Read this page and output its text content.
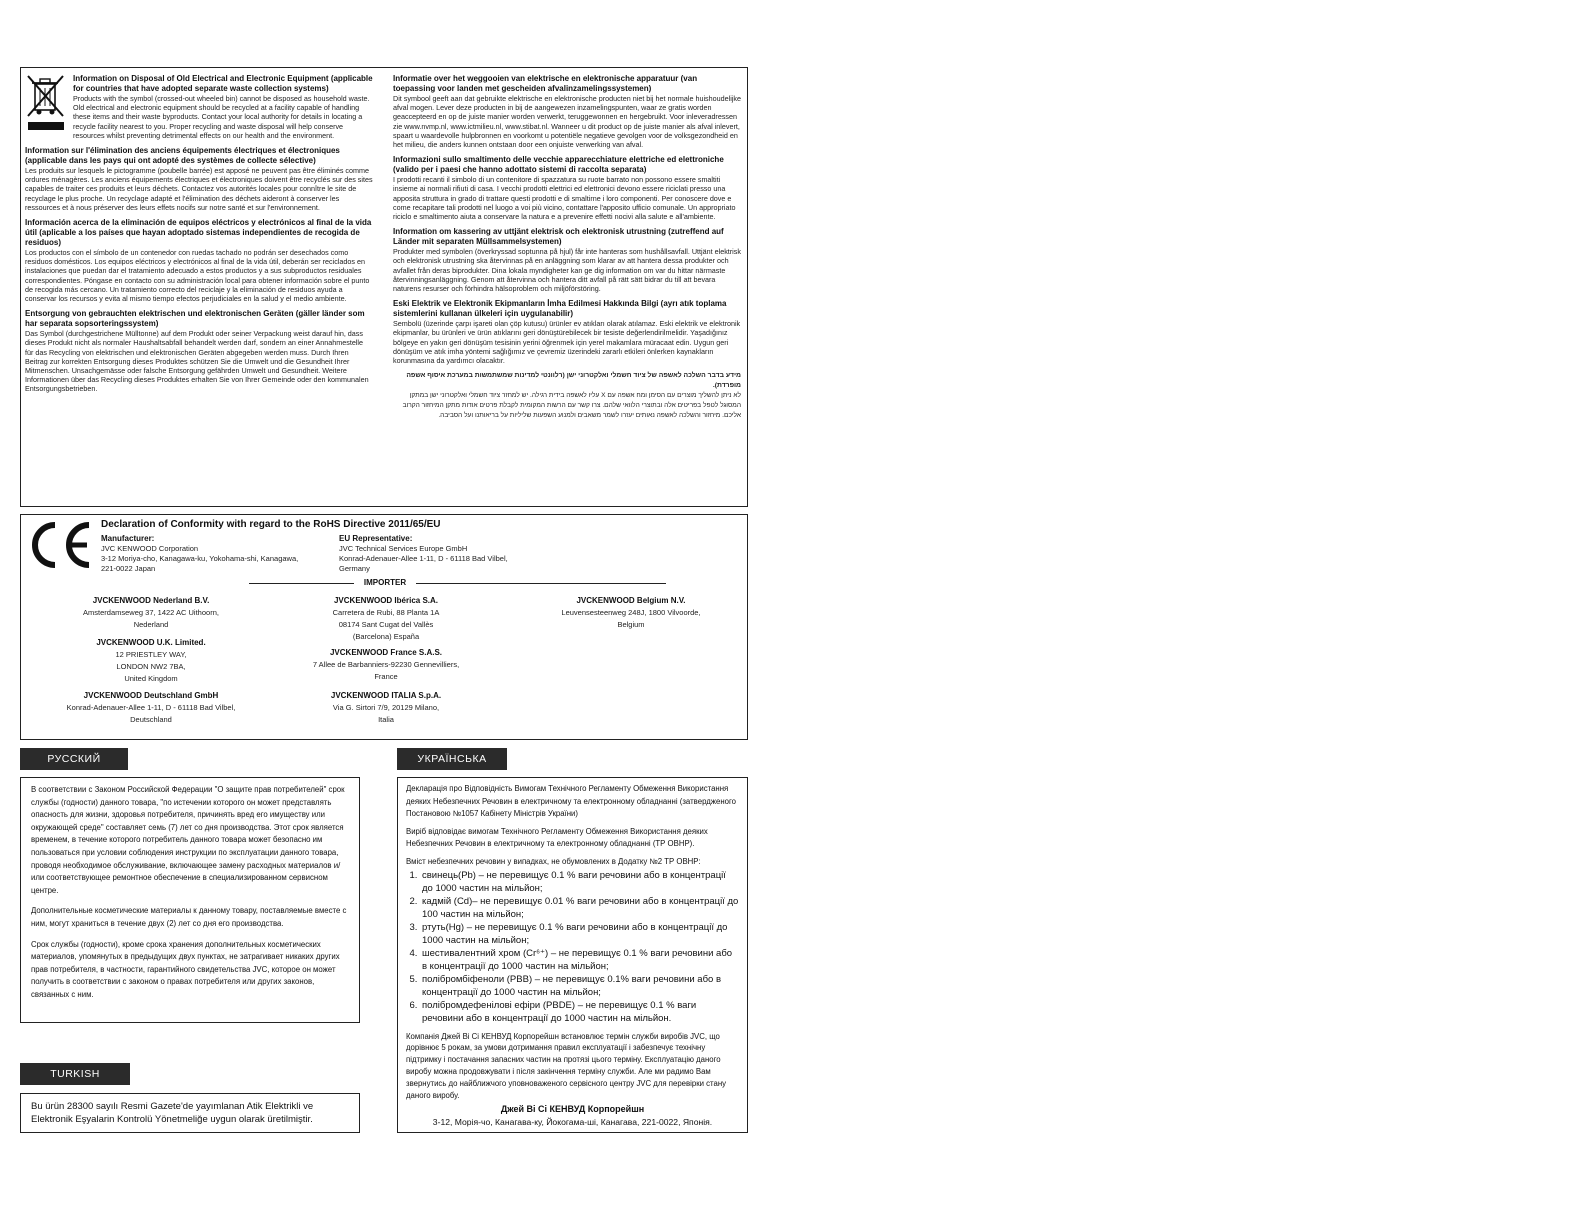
Information on Disposal of Old Electrical and Electronic Equipment (applicable for countries that have adopted separate waste collection systems)
Products with the symbol (crossed-out wheeled bin) cannot be disposed as household waste. Old electrical and electronic equipment should be recycled at a facility capable of handling these items and their waste byproducts. Contact your local authority for details in locating a recycle facility nearest to you. Proper recycling and waste disposal will help conserve resources whilst preventing detrimental effects on our health and the environment.
Information sur l'élimination des anciens équipements électriques et électroniques (applicable dans les pays qui ont adopté des systèmes de collecte sélective)
Les produits sur lesquels le pictogramme (poubelle barrée) est apposé ne peuvent pas être éliminés comme ordures ménagères. Les anciens équipements électriques et électroniques doivent être recyclés sur des sites capables de traiter ces produits et leurs déchets. Contactez vos autorités locales pour connître le site de recyclage le plus proche. Un recyclage adapté et l'élimination des déchets aideront à conserver les ressources et à nous préserver des leurs effets nocifs sur notre santé et sur l'environnement.
Información acerca de la eliminación de equipos eléctricos y electrónicos al final de la vida útil (aplicable a los países que hayan adoptado sistemas independientes de recogida de residuos)
Los productos con el símbolo de un contenedor con ruedas tachado no podrán ser desechados como residuos domésticos. Los equipos eléctricos y electrónicos al final de la vida útil, deberán ser reciclados en instalaciones que puedan dar el tratamiento adecuado a estos productos y a sus subproductos residuales correspondientes. Póngase en contacto con su administración local para obtener información sobre el punto de recogida más cercano. Un tratamiento correcto del reciclaje y la eliminación de residuos ayuda a conservar los recursos y evita al mismo tiempo efectos perjudiciales en la salud y el medio ambiente.
Entsorgung von gebrauchten elektrischen und elektronischen Geräten (gäller länder som har separata sopsorteringssystem)
Das Symbol (durchgestrichene Mülltonne) auf dem Produkt oder seiner Verpackung weist darauf hin, dass dieses Produkt nicht als normaler Haushaltsabfall behandelt werden darf, sondern an einer Annahmestelle für das Recycling von elektrischen und elektronischen Geräten abgegeben werden muss. Durch Ihren Beitrag zur korrekten Entsorgung dieses Produktes schützen Sie die Umwelt und die Gesundheit Ihrer Mitmenschen. Unsachgemässe oder falsche Entsorgung gefährden Umwelt und Gesundheit. Weitere Informationen über das Recycling dieses Produktes erhalten Sie von Ihrer Gemeinde oder den kommunalen Entsorgungsbetrieben.
Informatie over het weggooien van elektrische en elektronische apparatuur (van toepassing voor landen met gescheiden afvalinzamelingssystemen)
Dit symbool geeft aan dat gebruikte elektrische en elektronische producten niet bij het normale huishoudelijke afval mogen. Lever deze producten in bij de aangewezen inzamelingspunten, waar ze gratis worden geaccepteerd en op de juiste manier worden verwerkt, teruggewonnen en hergebruikt. Voor inleveradressen zie www.nvmp.nl, www.ictmilieu.nl, www.stibat.nl. Wanneer u dit product op de juiste manier als afval inlevert, spaart u waardevolle hulpbronnen en voorkomt u potentiële negatieve gevolgen voor de volksgezondheid en het milieu, die anders kunnen ontstaan door een onjuiste verwerking van afval.
Informazioni sullo smaltimento delle vecchie apparecchiature elettriche ed elettroniche (valido per i paesi che hanno adottato sistemi di raccolta separata)
I prodotti recanti il simbolo di un contenitore di spazzatura su ruote barrato non possono essere smaltiti insieme ai normali rifiuti di casa. I vecchi prodotti elettrici ed elettronici devono essere riciclati presso una apposita struttura in grado di trattare questi prodotti e di smaltirne i loro componenti. Per conoscere dove e come recapitare tali prodotti nel luogo a voi più vicino, contattare l'apposito ufficio comunale. Un appropriato riciclo e smaltimento aiuta a conservare la natura e a prevenire effetti nocivi alla salute e all'ambiente.
Information om kassering av uttjänt elektrisk och elektronisk utrustning (zutreffend auf Länder mit separaten Müllsammelsystemen)
Produkter med symbolen (överkryssad soptunna på hjul) får inte hanteras som hushållsavfall. Uttjänt elektrisk och elektronisk utrustning ska återvinnas på en anläggning som klarar av att hantera dessa produkter och avfallet från deras biprodukter. Dina lokala myndigheter kan ge dig information om var du hittar närmaste återvinningsanläggning. Genom att återvinna och hantera ditt avfall på rätt sätt bidrar du till att bevara naturens resurser och förhindra hälsoproblem och miljöförstöring.
Eski Elektrik ve Elektronik Ekipmanların İmha Edilmesi Hakkında Bilgi (ayrı atık toplama sistemlerini kullanan ülkeleri için uygulanabilir)
Sembolü (üzerinde çarpı işareti olan çöp kutusu) ürünler ev atıkları olarak atılamaz. Eski elektrik ve elektronik ekipmanlar, bu ürünleri ve ürün atıklarını geri dönüştürebilecek bir tesiste değerlendirilmelidir. Yaşadığınız bölgeye en yakın geri dönüşüm tesisinin yerini öğrenmek için yerel makamlara müracaat edin. Uygun geri dönüşüm ve atık imha yöntemi sağlığımız ve çevremiz üzerindeki zararlı etkileri önlerken kaynakların korunmasına da yardımcı olacaktır.
מידע בדבר השלכה לאשפה של ציוד חשמלי ואלקטרוני ישן (רלוונטי למדינות שמשתמשות במערכת איסוף אשפה מופרדת).
לא ניתן להשליך מוצרים עם הסימן ומח אשפה עם X עליו לאשפה בידית רגילה. יש למחזר ציוד חשמלי ואלקטרוני ישן במתקן המסוגל לטפל בפריטים אלה ובתוצרי הלוואי שלהם. צרו קשר עם הרשות המקומית לקבלת פרטים אודות מתקן המיחזור הקרוב אליכם. מיחזור והשלכה לאשפה נאותים יעזרו לשמר משאבים ולמנוע השפעות שליליות על בריאותנו ועל הסביבה.
Declaration of Conformity with regard to the RoHS Directive 2011/65/EU
Manufacturer:
JVC KENWOOD Corporation
3-12 Moriya-cho, Kanagawa-ku, Yokohama-shi, Kanagawa,
221-0022 Japan
EU Representative:
JVC Technical Services Europe GmbH
Konrad-Adenauer-Allee 1-11, D - 61118 Bad Vilbel,
Germany
IMPORTER
JVCKENWOOD Nederland B.V.
Amsterdamseweg 37, 1422 AC Uithoorn,
Nederland
JVCKENWOOD U.K. Limited.
12 PRIESTLEY WAY,
LONDON NW2 7BA,
United Kingdom
JVCKENWOOD Deutschland GmbH
Konrad-Adenauer-Allee 1-11, D - 61118 Bad Vilbel,
Deutschland
JVCKENWOOD Ibérica S.A.
Carretera de Rubi, 88 Planta 1A
08174 Sant Cugat del Vallès
(Barcelona) España
JVCKENWOOD France S.A.S.
7 Allee de Barbanniers-92230 Gennevilliers,
France
JVCKENWOOD ITALIA S.p.A.
Via G. Sirtori 7/9, 20129 Milano,
Italia
JVCKENWOOD Belgium N.V.
Leuvensesteenweg 248J, 1800 Vilvoorde,
Belgium
РУССКИЙ

В соответствии с Законом Российской Федерации "О защите прав потребителей" срок службы (годности) данного товара, "по истечении которого он может представлять опасность для жизни, здоровья потребителя, причинять вред его имуществу или окружающей среде" составляет семь (7) лет со дня производства. Этот срок является временем, в течение которого потребитель данного товара может безопасно им пользоваться при условии соблюдения инструкции по эксплуатации данного товара, проводя необходимое обслуживание, включающее замену расходных материалов и/или соответствующее ремонтное обеспечение в специализированном сервисном центре.

Дополнительные косметические материалы к данному товару, поставляемые вместе с ним, могут храниться в течение двух (2) лет со дня его производства.

Срок службы (годности), кроме срока хранения дополнительных косметических материалов, упомянутых в предыдущих двух пунктах, не затрагивает никаких других прав потребителя, в частности, гарантийного свидетельства JVC, которое он может получить в соответствии с законом о правах потребителя или других законов, связанных с ним.

УКРАЇНСЬКА

Декларація про Відповідність Вимогам Технічного Регламенту Обмеження Використання деяких Небезпечних Речовин в електричному та електронному обладнанні (затвердженого Постановою №1057 Кабінету Міністрів України)

Виріб відповідає вимогам Технічного Регламенту Обмеження Використання деяких Небезпечних Речовин в електричному та електронному обладнанні (ТР ОВНР).

Вміст небезпечних речовин у випадках, не обумовлених в Додатку №2 ТР ОВНР:

1. свинець(Pb) – не перевищує 0.1 % ваги речовини або в концентрації до 1000 частин на мільйон;
2. кадмій (Cd)– не перевищує 0.01 % ваги речовини або в концентрації до 100 частин на мільйон;
3. ртуть(Hg) – не перевищує 0.1 % ваги речовини або в концентрації до 1000 частин на мільйон;
4. шестивалентний хром (Cr⁶⁺) – не перевищує 0.1 % ваги речовини або в концентрації до 1000 частин на мільйон;
5. полібромбіфеноли (PBB) – не перевищує 0.1% ваги речовини або в концентрації до 1000 частин на мільйон;
6. полібромдефенілові ефіри (PBDE) – не перевищує 0.1 % ваги речовини або в концентрації до 1000 частин на мільйон.

Компанія Джей Ві Сі КЕНВУД Корпорейшн встановлює термін служби виробів JVC, що дорівнює 5 рокам, за умови дотримання правил експлуатації і забезпечує технічну підтримку і постачання запасних частин на протязі цього терміну. Експлуатацію даного виробу можна продовжувати і після закінчення терміну служби. Але ми радимо Вам звернутись до найближчого уповноваженого сервісного центру JVC для перевірки стану даного виробу.

Джей Ві Сі КЕНВУД Корпорейшн
3-12, Морія-чо, Канагава-ку, Йокогама-ші, Канагава, 221-0022, Японія.
TURKISH
Bu ürün 28300 sayılı Resmi Gazete'de yayımlanan Atik Elektrikli ve Elektronik Eşyalarin Kontrolü Yönetmeliğe uygun olarak üretilmiştir.
